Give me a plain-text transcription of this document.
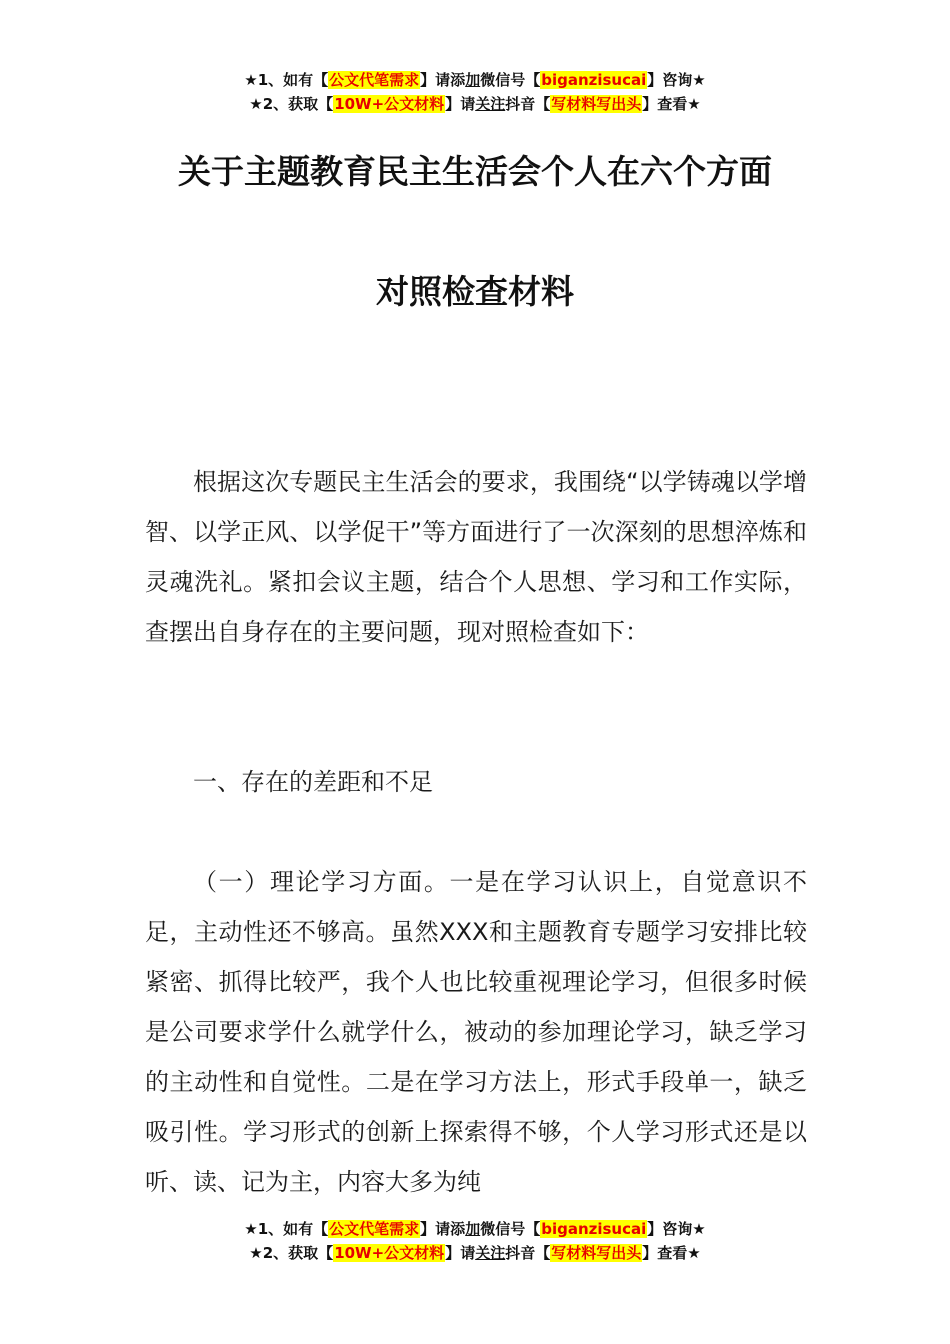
★1、如有【公文代笔需求】请添加微信号【biganzisucai】咨询★
★2、获取【10W+公文材料】请关注抖音【写材料写出头】查看★
关于主题教育民主生活会个人在六个方面
对照检查材料

根据这次专题民主生活会的要求，我围绕“以学铸魂以学增智、以学正风、以学促干”等方面进行了一次深刻的思想淬炼和灵魂洗礼。紧扣会议主题，结合个人思想、学习和工作实际，查摆出自身存在的主要问题，现对照检查如下：

一、存在的差距和不足

（一）理论学习方面。一是在学习认识上，自觉意识不足，主动性还不够高。虽然XXX和主题教育专题学习安排比较紧密、抓得比较严，我个人也比较重视理论学习，但很多时候是公司要求学什么就学什么，被动的参加理论学习，缺乏学习的主动性和自觉性。二是在学习方法上，形式手段单一，缺乏吸引性。学习形式的创新上探索得不够，个人学习形式还是以听、读、记为主，内容大多为纯

★1、如有【公文代笔需求】请添加微信号【biganzisucai】咨询★
★2、获取【10W+公文材料】请关注抖音【写材料写出头】查看★
